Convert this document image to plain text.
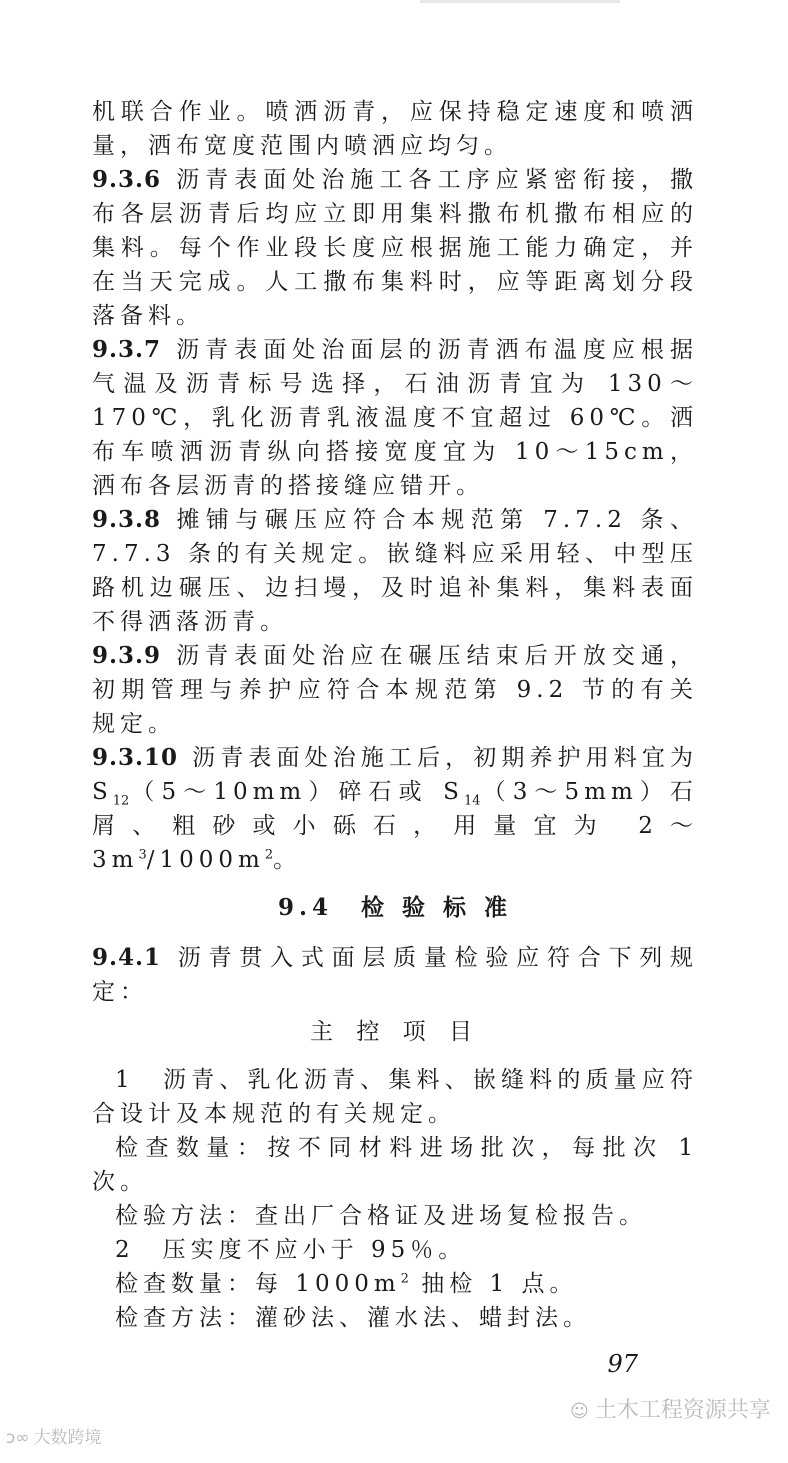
机联合作业。喷洒沥青，应保持稳定速度和喷洒量，洒布宽度范围内喷洒应均匀。
9.3.6 沥青表面处治施工各工序应紧密衔接，撒布各层沥青后均应立即用集料撒布机撒布相应的集料。每个作业段长度应根据施工能力确定，并在当天完成。人工撒布集料时，应等距离划分段落备料。
9.3.7 沥青表面处治面层的沥青洒布温度应根据气温及沥青标号选择，石油沥青宜为 130～170℃，乳化沥青乳液温度不宜超过 60℃。洒布车喷洒沥青纵向搭接宽度宜为 10～15cm，洒布各层沥青的搭接缝应错开。
9.3.8 摊铺与碾压应符合本规范第 7.7.2 条、7.7.3 条的有关规定。嵌缝料应采用轻、中型压路机边碾压、边扫墁，及时追补集料，集料表面不得洒落沥青。
9.3.9 沥青表面处治应在碾压结束后开放交通，初期管理与养护应符合本规范第 9.2 节的有关规定。
9.3.10 沥青表面处治施工后，初期养护用料宜为 $S_{12}(5\sim 10mm)$碎石或 $S_{14}(3\sim 5mm)$石屑、粗砂或小砾石，用量宜为 $2\sim 3m^3/1000m^2$。
9.4　检 验 标 准
9.4.1 沥青贯入式面层质量检验应符合下列规定：
主 控 项 目
1　沥青、乳化沥青、集料、嵌缝料的质量应符合设计及本规范的有关规定。
检查数量：按不同材料进场批次，每批次 1 次。
检验方法：查出厂合格证及进场复检报告。
2　压实度不应小于 95％。
检查数量：每 $1000m^2$ 抽检 1 点。
检查方法：灌砂法、灌水法、蜡封法。
97
ↄ∞ 大数跨境
☺ 土木工程资源共享
